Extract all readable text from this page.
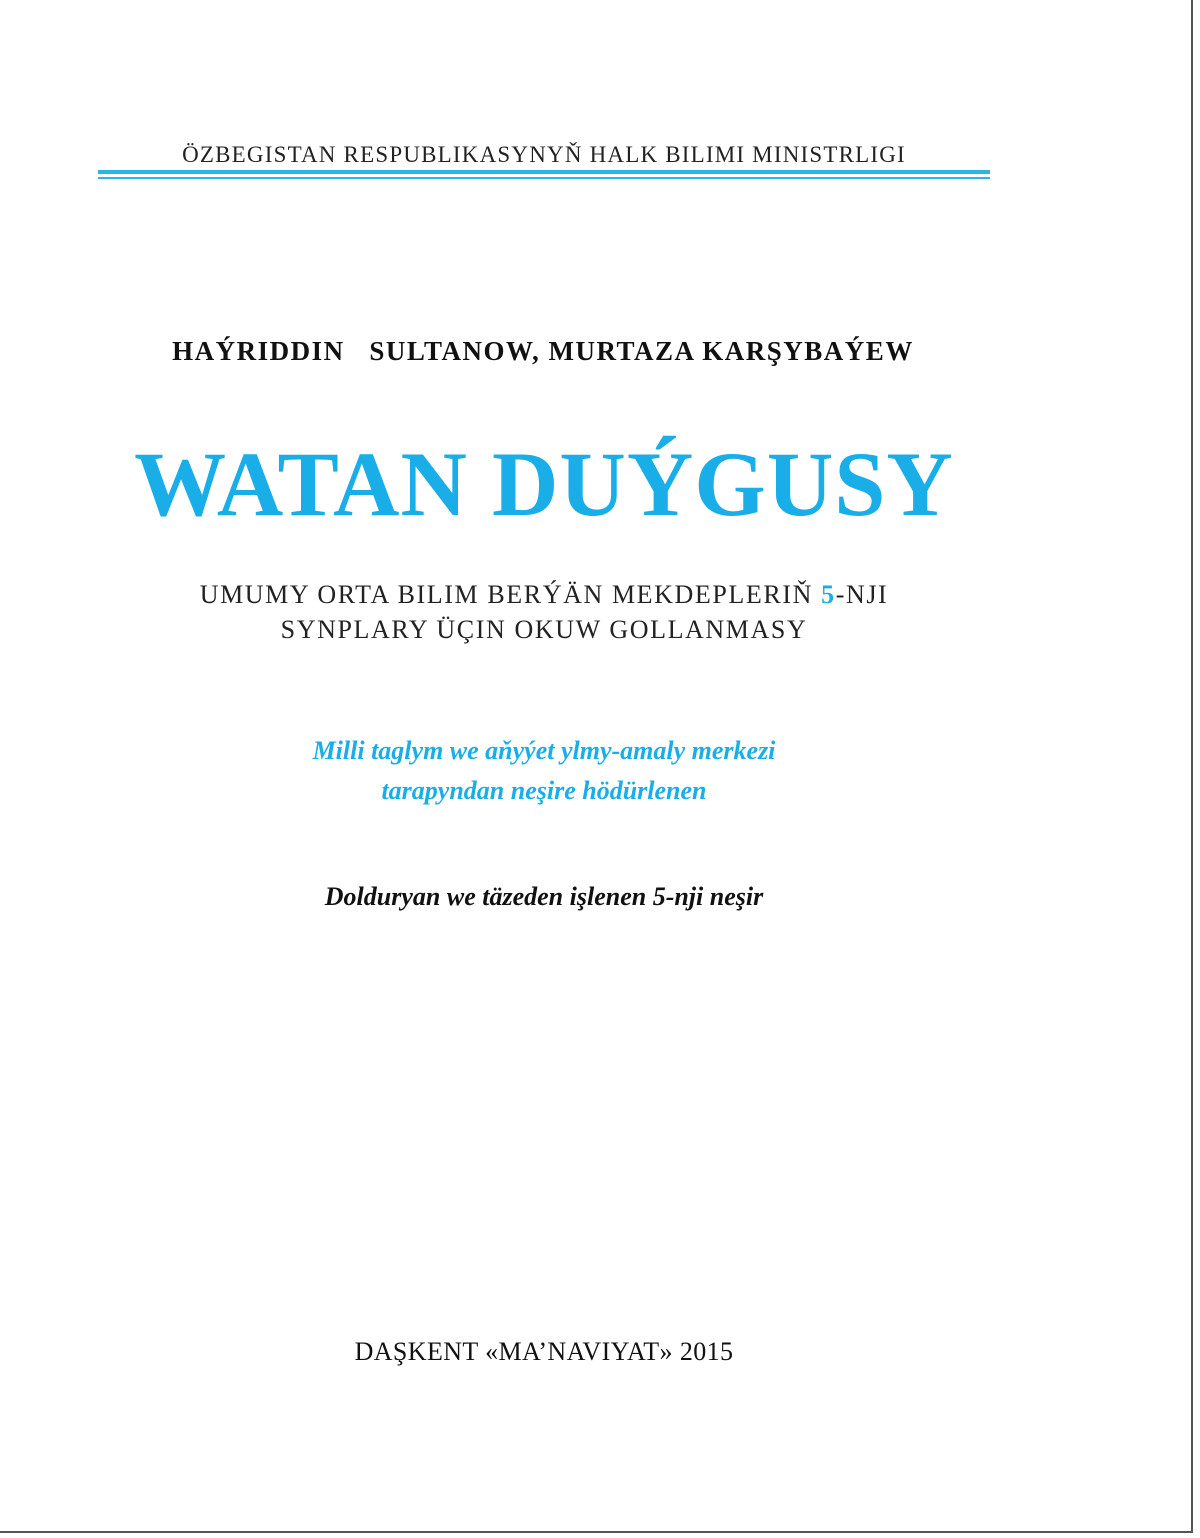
ÖZBEGISTAN RESPUBLIKASYNYŇ HALK BILIMI MINISTRLIGI
HAÝRIDDIN   SULTANOW, MURTAZA KARŞYBAÝEW
WATAN DUÝGUSY
UMUMY ORTA BILIM BERÝÄN MEKDEPLERIŇ 5-NJI
SYNPLARY ÜÇIN OKUW GOLLANMASY
Milli taglym we aňyýet ylmy-amaly merkezi
tarapyndan neşire hödürlenen
Dolduryan we täzeden işlenen 5-nji neşir
DAŞKENT «MA’NAVIYAT» 2015
